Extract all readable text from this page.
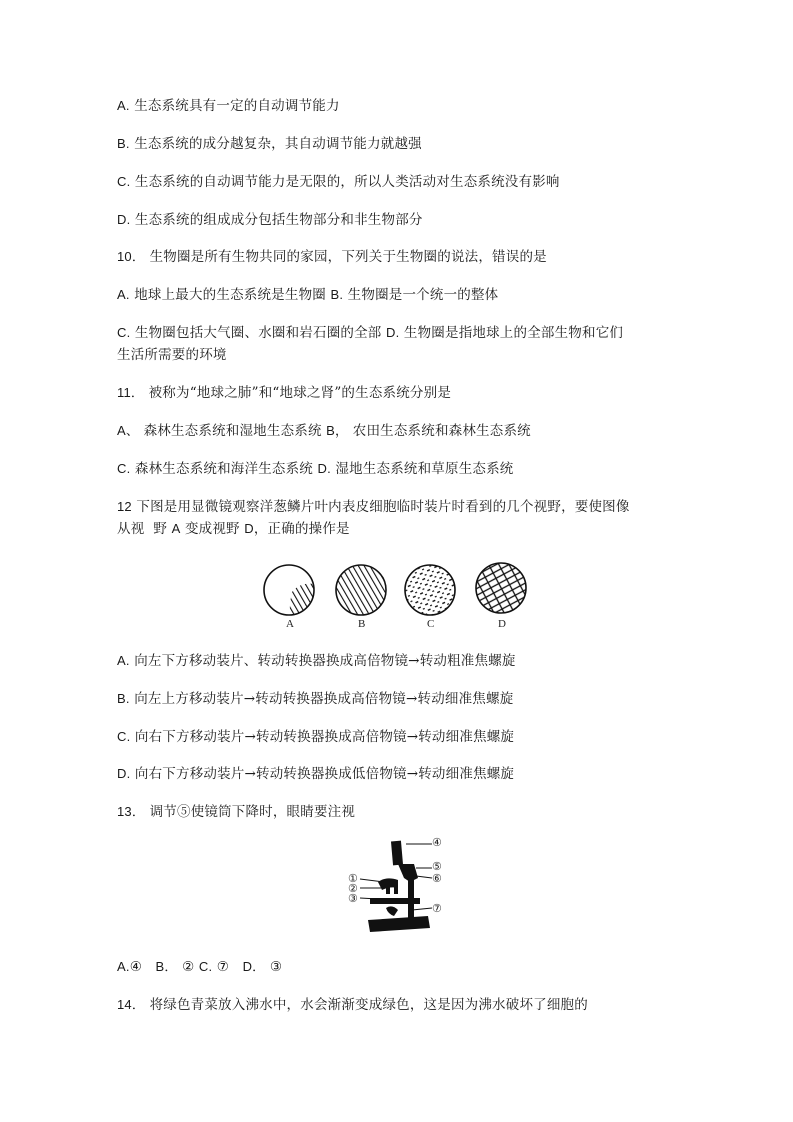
A. 生态系统具有一定的自动调节能力
B. 生态系统的成分越复杂，其自动调节能力就越强
C. 生态系统的自动调节能力是无限的，所以人类活动对生态系统没有影响
D. 生态系统的组成成分包括生物部分和非生物部分
10． 生物圈是所有生物共同的家园，下列关于生物圈的说法，错误的是
A. 地球上最大的生态系统是生物圈 B. 生物圈是一个统一的整体
C. 生物圈包括大气圈、水圈和岩石圈的全部 D. 生物圈是指地球上的全部生物和它们
生活所需要的环境
11． 被称为“地球之肺”和“地球之肾”的生态系统分别是
A、 森林生态系统和湿地生态系统 B， 农田生态系统和森林生态系统
C. 森林生态系统和海洋生态系统 D. 湿地生态系统和草原生态系统
12 下图是用显微镜观察洋葱鳞片叶内表皮细胞临时装片时看到的几个视野，要使图像
从视  野 A 变成视野 D，正确的操作是
A	B	C	D
A. 向左下方移动装片、转动转换器换成高倍物镜→转动粗准焦螺旋
B. 向左上方移动装片→转动转换器换成高倍物镜→转动细准焦螺旋
C. 向右下方移动装片→转动转换器换成高倍物镜→转动细准焦螺旋
D. 向右下方移动装片→转动转换器换成低倍物镜→转动细准焦螺旋
13． 调节⑤使镜筒下降时，眼睛要注视
④
⑤
⑥
①
②
③
⑦
A.④ B． ② C. ⑦ D． ③
14． 将绿色青菜放入沸水中，水会渐渐变成绿色，这是因为沸水破坏了细胞的
